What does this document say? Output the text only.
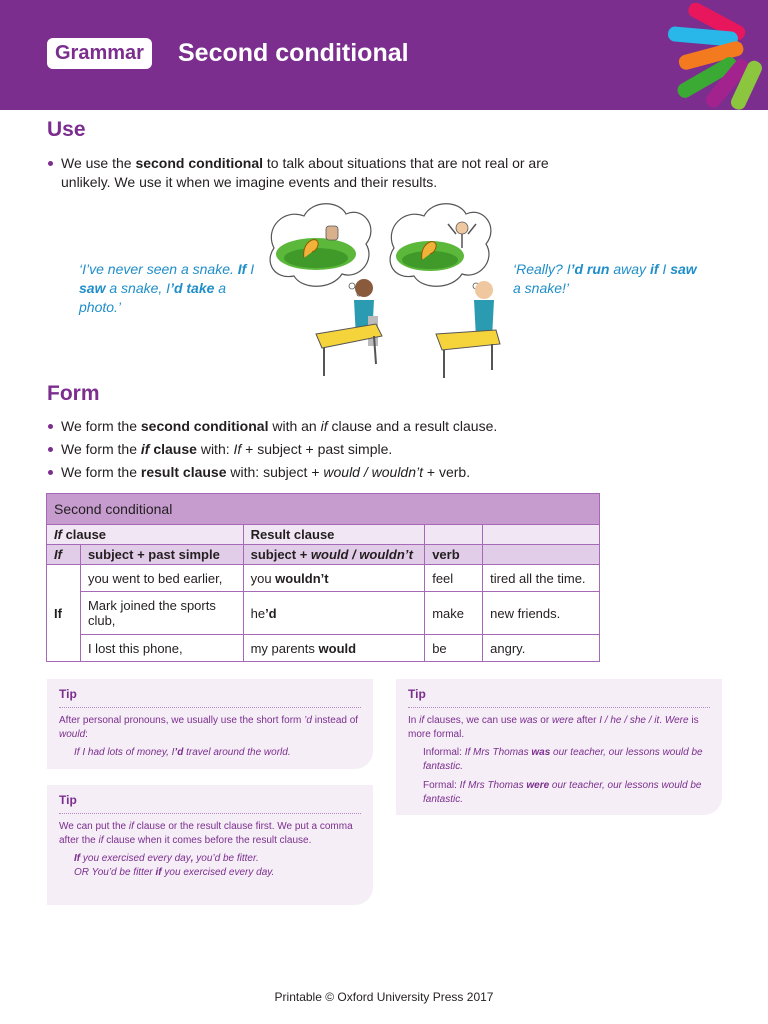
Grammar	Second conditional
Use
We use the second conditional to talk about situations that are not real or are unlikely. We use it when we imagine events and their results.
‘I’ve never seen a snake. If I saw a snake, I’d take a photo.’
‘Really? I’d run away if I saw a snake!’
Form
We form the second conditional with an if clause and a result clause.
We form the if clause with: If + subject + past simple.
We form the result clause with: subject + would / wouldn’t + verb.
Second conditional				
If clause		Result clause		
If	subject + past simple	subject + would / wouldn’t	verb	
If	you went to bed earlier,	you wouldn’t	feel	tired all the time.
	Mark joined the sports club,	he’d	make	new friends.
	I lost this phone,	my parents would	be	angry.
Tip
After personal pronouns, we usually use the short form ’d instead of would:
If I had lots of money, I’d travel around the world.
Tip
We can put the if clause or the result clause first. We put a comma after the if clause when it comes before the result clause.
If you exercised every day, you’d be fitter.
OR You’d be fitter if you exercised every day.
Tip
In if clauses, we can use was or were after I / he / she / it. Were is more formal.
Informal: If Mrs Thomas was our teacher, our lessons would be fantastic.
Formal: If Mrs Thomas were our teacher, our lessons would be fantastic.
Printable © Oxford University Press 2017
